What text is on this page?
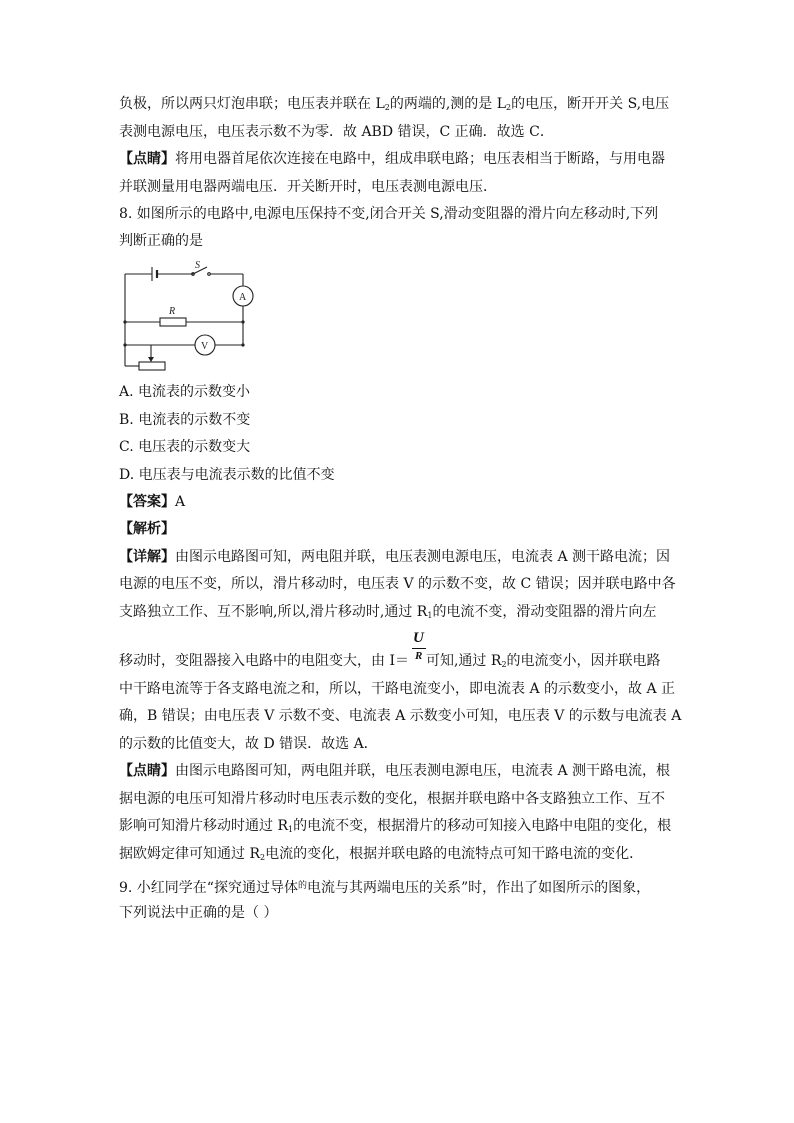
负极，所以两只灯泡串联；电压表并联在 $L_2$的两端的,测的是 $L_2$的电压，断开开关 S,电压
表测电源电压，电压表示数不为零．故 ABD 错误，C 正确．故选 C．
【点睛】将用电器首尾依次连接在电路中，组成串联电路；电压表相当于断路，与用电器
并联测量用电器两端电压．开关断开时，电压表测电源电压．
8. 如图所示的电路中,电源电压保持不变,闭合开关 S,滑动变阻器的滑片向左移动时,下列
判断正确的是
S
A
R
V
A. 电流表的示数变小
B. 电流表的示数不变
C. 电压表的示数变大
D. 电压表与电流表示数的比值不变
【答案】A
【解析】
【详解】由图示电路图可知，两电阻并联，电压表测电源电压，电流表 A 测干路电流；因
电源的电压不变，所以，滑片移动时，电压表 V 的示数不变，故 C 错误；因并联电路中各
支路独立工作、互不影响,所以,滑片移动时,通过 $R_1$的电流不变，滑动变阻器的滑片向左
U
R
移动时，变阻器接入电路中的电阻变大，由 I＝ 可知,通过 $R_2$的电流变小，因并联电路
中干路电流等于各支路电流之和，所以，干路电流变小，即电流表 A 的示数变小，故 A 正
确，B 错误；由电压表 V 示数不变、电流表 A 示数变小可知，电压表 V 的示数与电流表 A
的示数的比值变大，故 D 错误．故选 A．
【点睛】由图示电路图可知，两电阻并联，电压表测电源电压，电流表 A 测干路电流，根
据电源的电压可知滑片移动时电压表示数的变化，根据并联电路中各支路独立工作、互不
影响可知滑片移动时通过 $R_1$的电流不变，根据滑片的移动可知接入电路中电阻的变化，根
据欧姆定律可知通过 $R_2$电流的变化，根据并联电路的电流特点可知干路电流的变化．
9. 小红同学在“探究通过导体$^的$电流与其两端电压的关系”时，作出了如图所示的图象，
下列说法中正确的是（ ）
